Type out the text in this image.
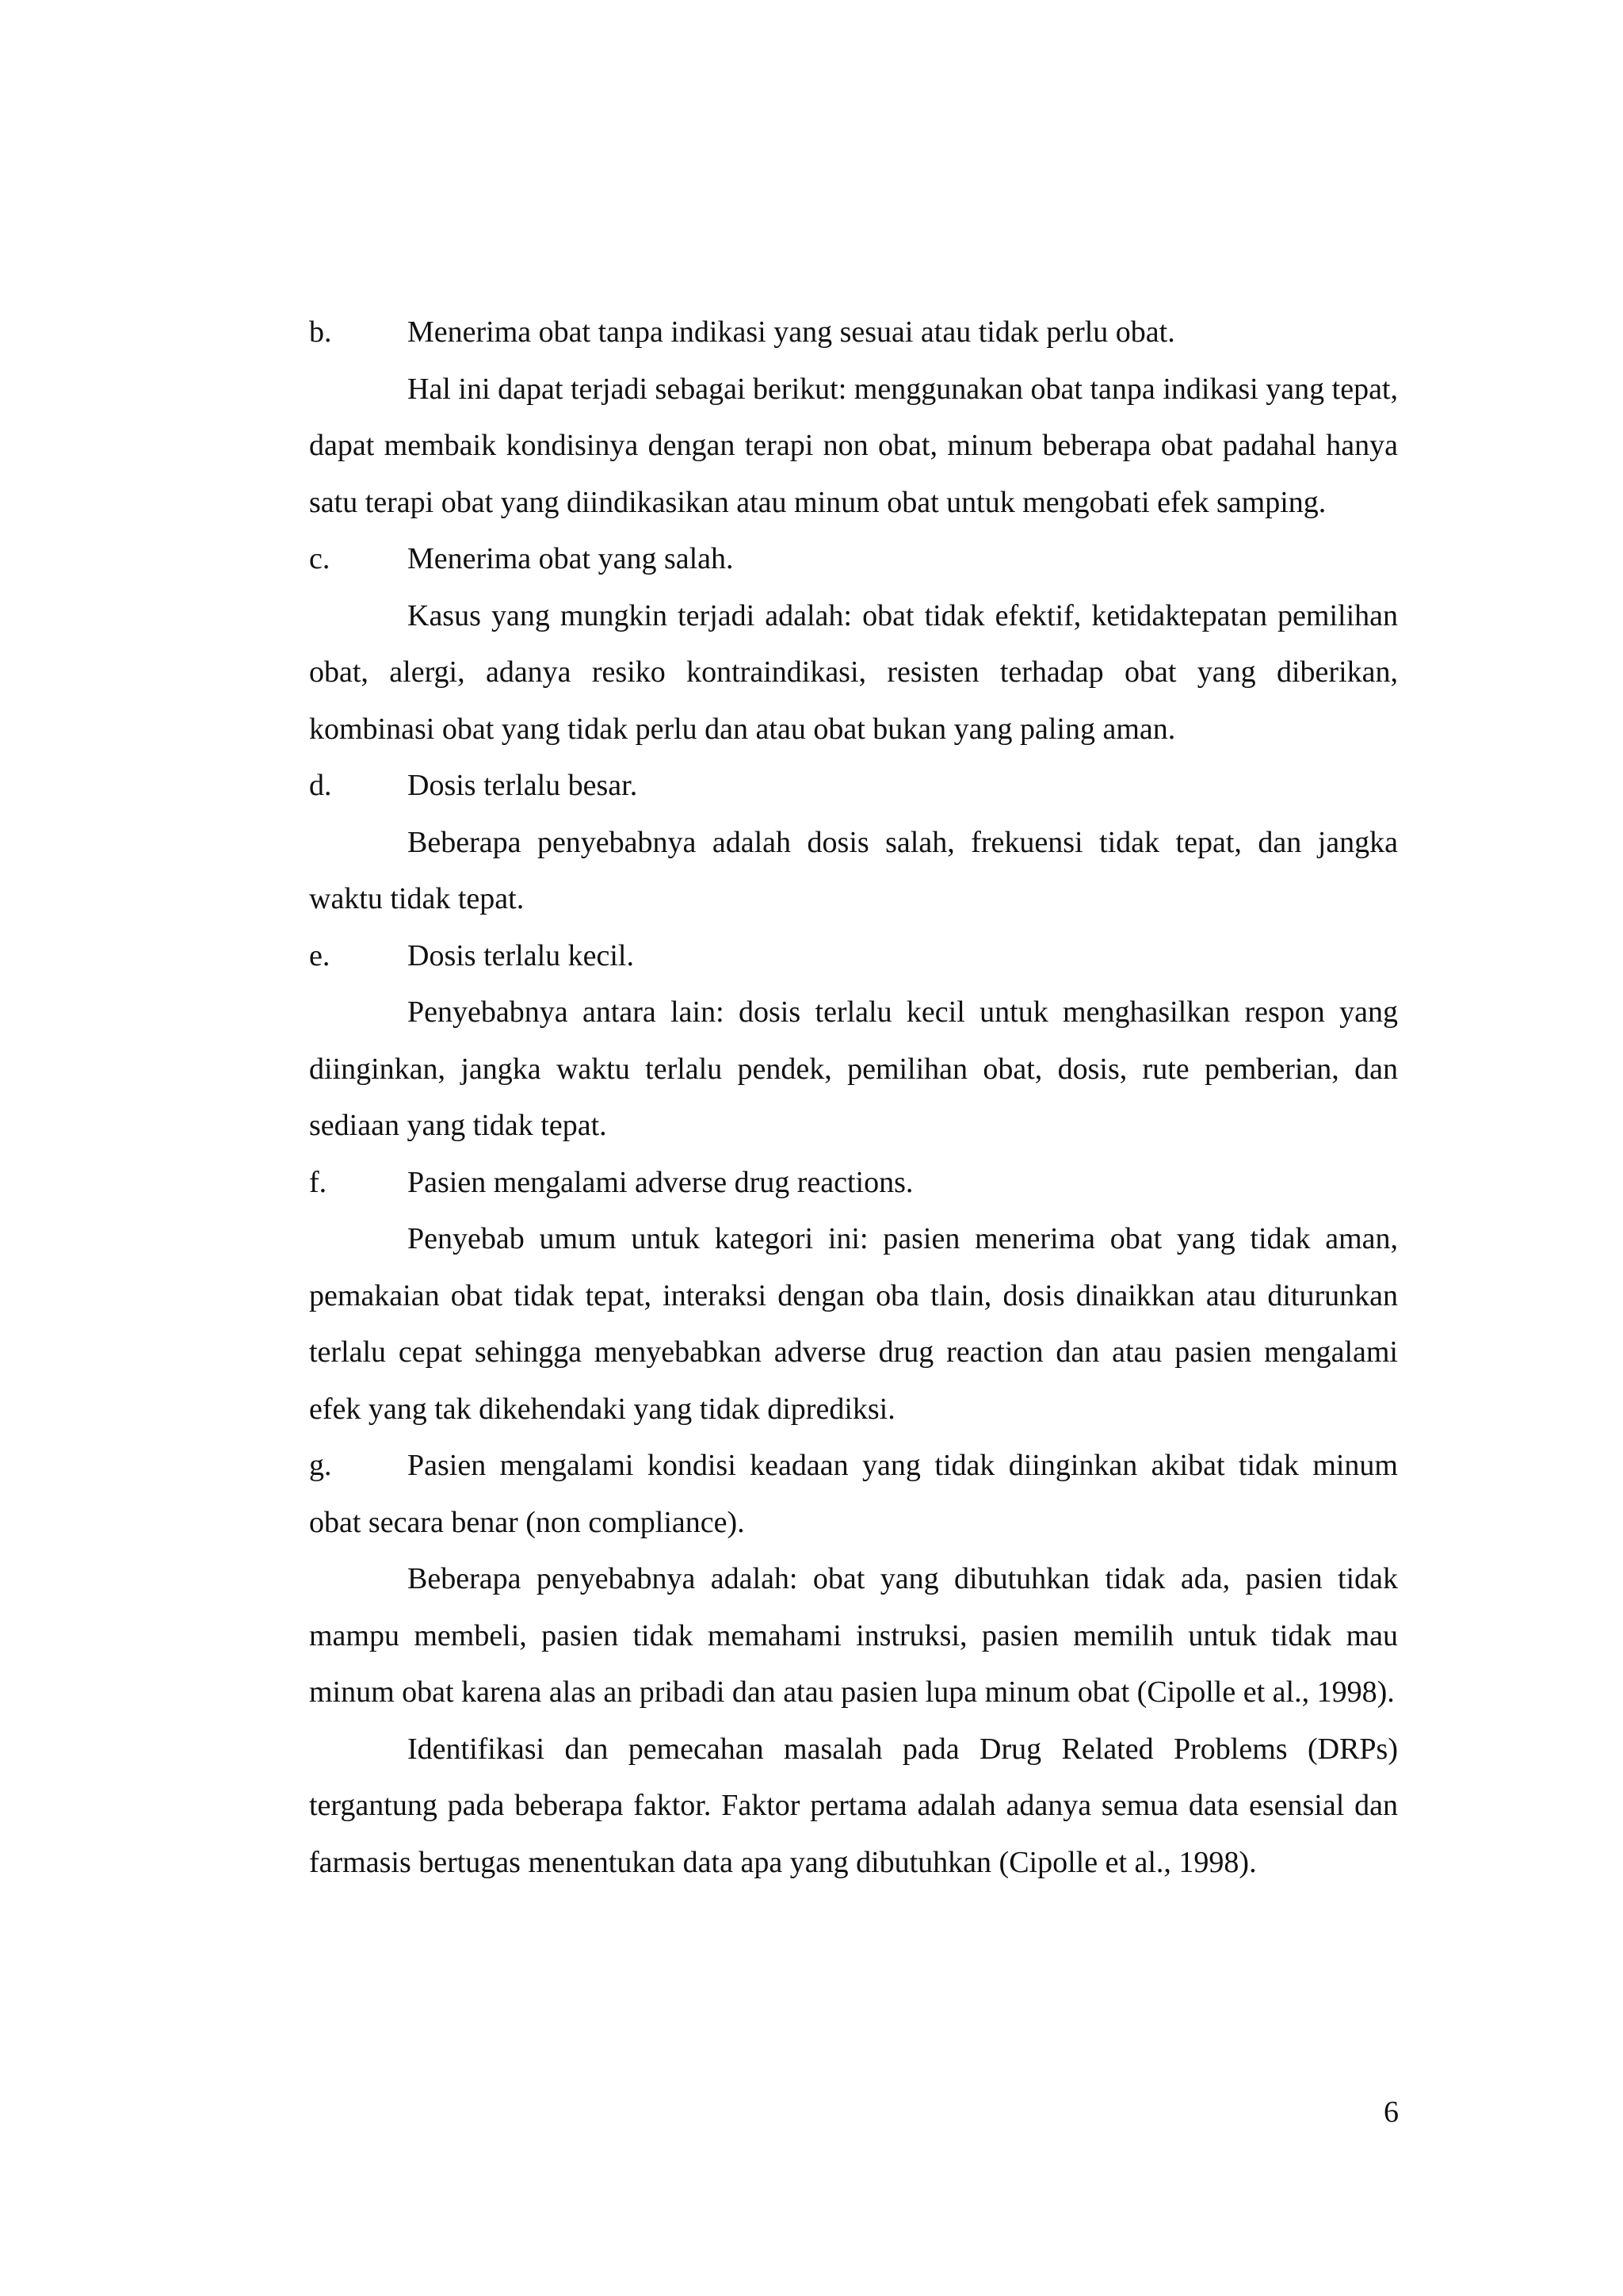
b.	Menerima obat tanpa indikasi yang sesuai atau tidak perlu obat.

Hal ini dapat terjadi sebagai berikut: menggunakan obat tanpa indikasi yang tepat, dapat membaik kondisinya dengan terapi non obat, minum beberapa obat padahal hanya satu terapi obat yang diindikasikan atau minum obat untuk mengobati efek samping.

c.	Menerima obat yang salah.

Kasus yang mungkin terjadi adalah: obat tidak efektif, ketidaktepatan pemilihan obat, alergi, adanya resiko kontraindikasi, resisten terhadap obat yang diberikan, kombinasi obat yang tidak perlu dan atau obat bukan yang paling aman.

d.	Dosis terlalu besar.

Beberapa penyebabnya adalah dosis salah, frekuensi tidak tepat, dan jangka waktu tidak tepat.

e.	Dosis terlalu kecil.

Penyebabnya antara lain: dosis terlalu kecil untuk menghasilkan respon yang diinginkan, jangka waktu terlalu pendek, pemilihan obat, dosis, rute pemberian, dan sediaan yang tidak tepat.

f.	Pasien mengalami adverse drug reactions.

Penyebab umum untuk kategori ini: pasien menerima obat yang tidak aman, pemakaian obat tidak tepat, interaksi dengan oba tlain, dosis dinaikkan atau diturunkan terlalu cepat sehingga menyebabkan adverse drug reaction dan atau pasien mengalami efek yang tak dikehendaki yang tidak diprediksi.

g.	Pasien mengalami kondisi keadaan yang tidak diinginkan akibat tidak minum obat secara benar (non compliance).

Beberapa penyebabnya adalah: obat yang dibutuhkan tidak ada, pasien tidak mampu membeli, pasien tidak memahami instruksi, pasien memilih untuk tidak mau minum obat karena alas an pribadi dan atau pasien lupa minum obat (Cipolle et al., 1998).

Identifikasi dan pemecahan masalah pada Drug Related Problems (DRPs) tergantung pada beberapa faktor. Faktor pertama adalah adanya semua data esensial dan farmasis bertugas menentukan data apa yang dibutuhkan (Cipolle et al., 1998).

6
